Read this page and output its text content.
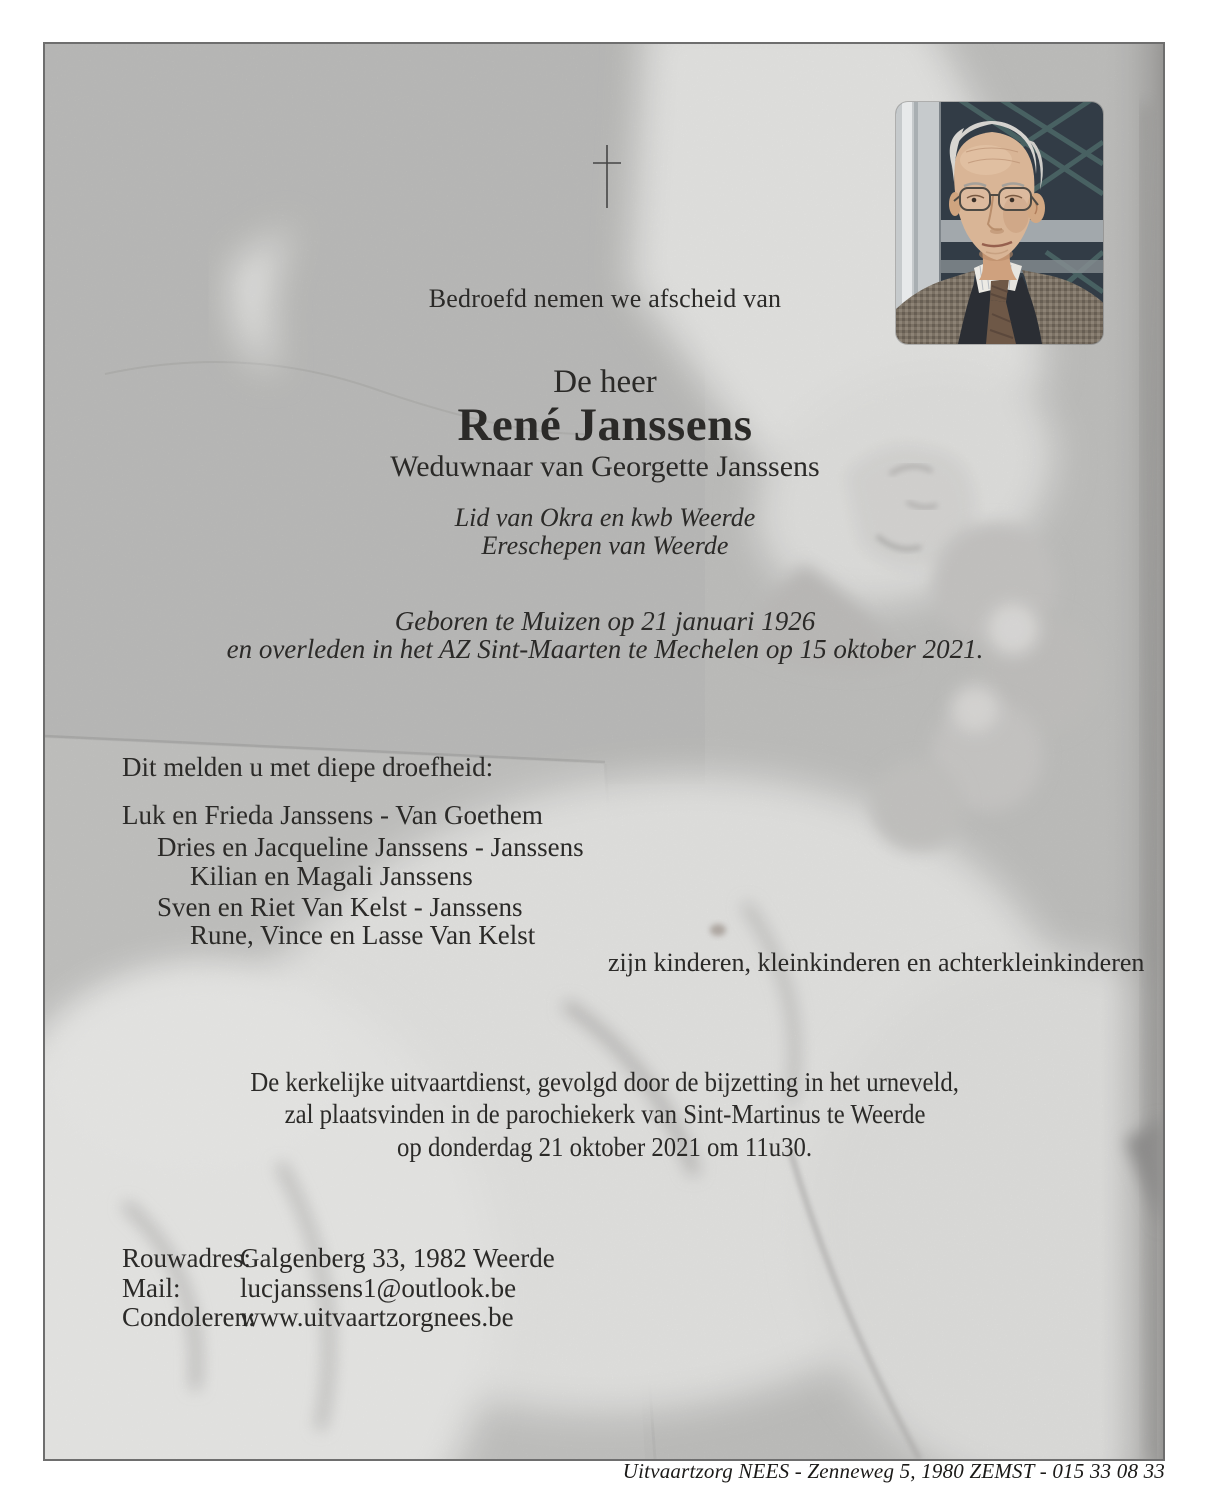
Bedroefd nemen we afscheid van
De heer
René Janssens
Weduwnaar van Georgette Janssens
Lid van Okra en kwb Weerde
Ereschepen van Weerde
Geboren te Muizen op 21 januari 1926
en overleden in het AZ Sint-Maarten te Mechelen op 15 oktober 2021.
Dit melden u met diepe droefheid:
Luk en Frieda Janssens - Van Goethem
Dries en Jacqueline Janssens - Janssens
Kilian en Magali Janssens
Sven en Riet Van Kelst - Janssens
Rune, Vince en Lasse Van Kelst
zijn kinderen, kleinkinderen en achterkleinkinderen
De kerkelijke uitvaartdienst, gevolgd door de bijzetting in het urneveld,
zal plaatsvinden in de parochiekerk van Sint-Martinus te Weerde
op donderdag 21 oktober 2021 om 11u30.
Rouwadres:
Galgenberg 33, 1982 Weerde
Mail:	lucjanssens1@outlook.be
Condoleren:
www.uitvaartzorgnees.be
Uitvaartzorg NEES - Zenneweg 5, 1980 ZEMST - 015 33 08 33
